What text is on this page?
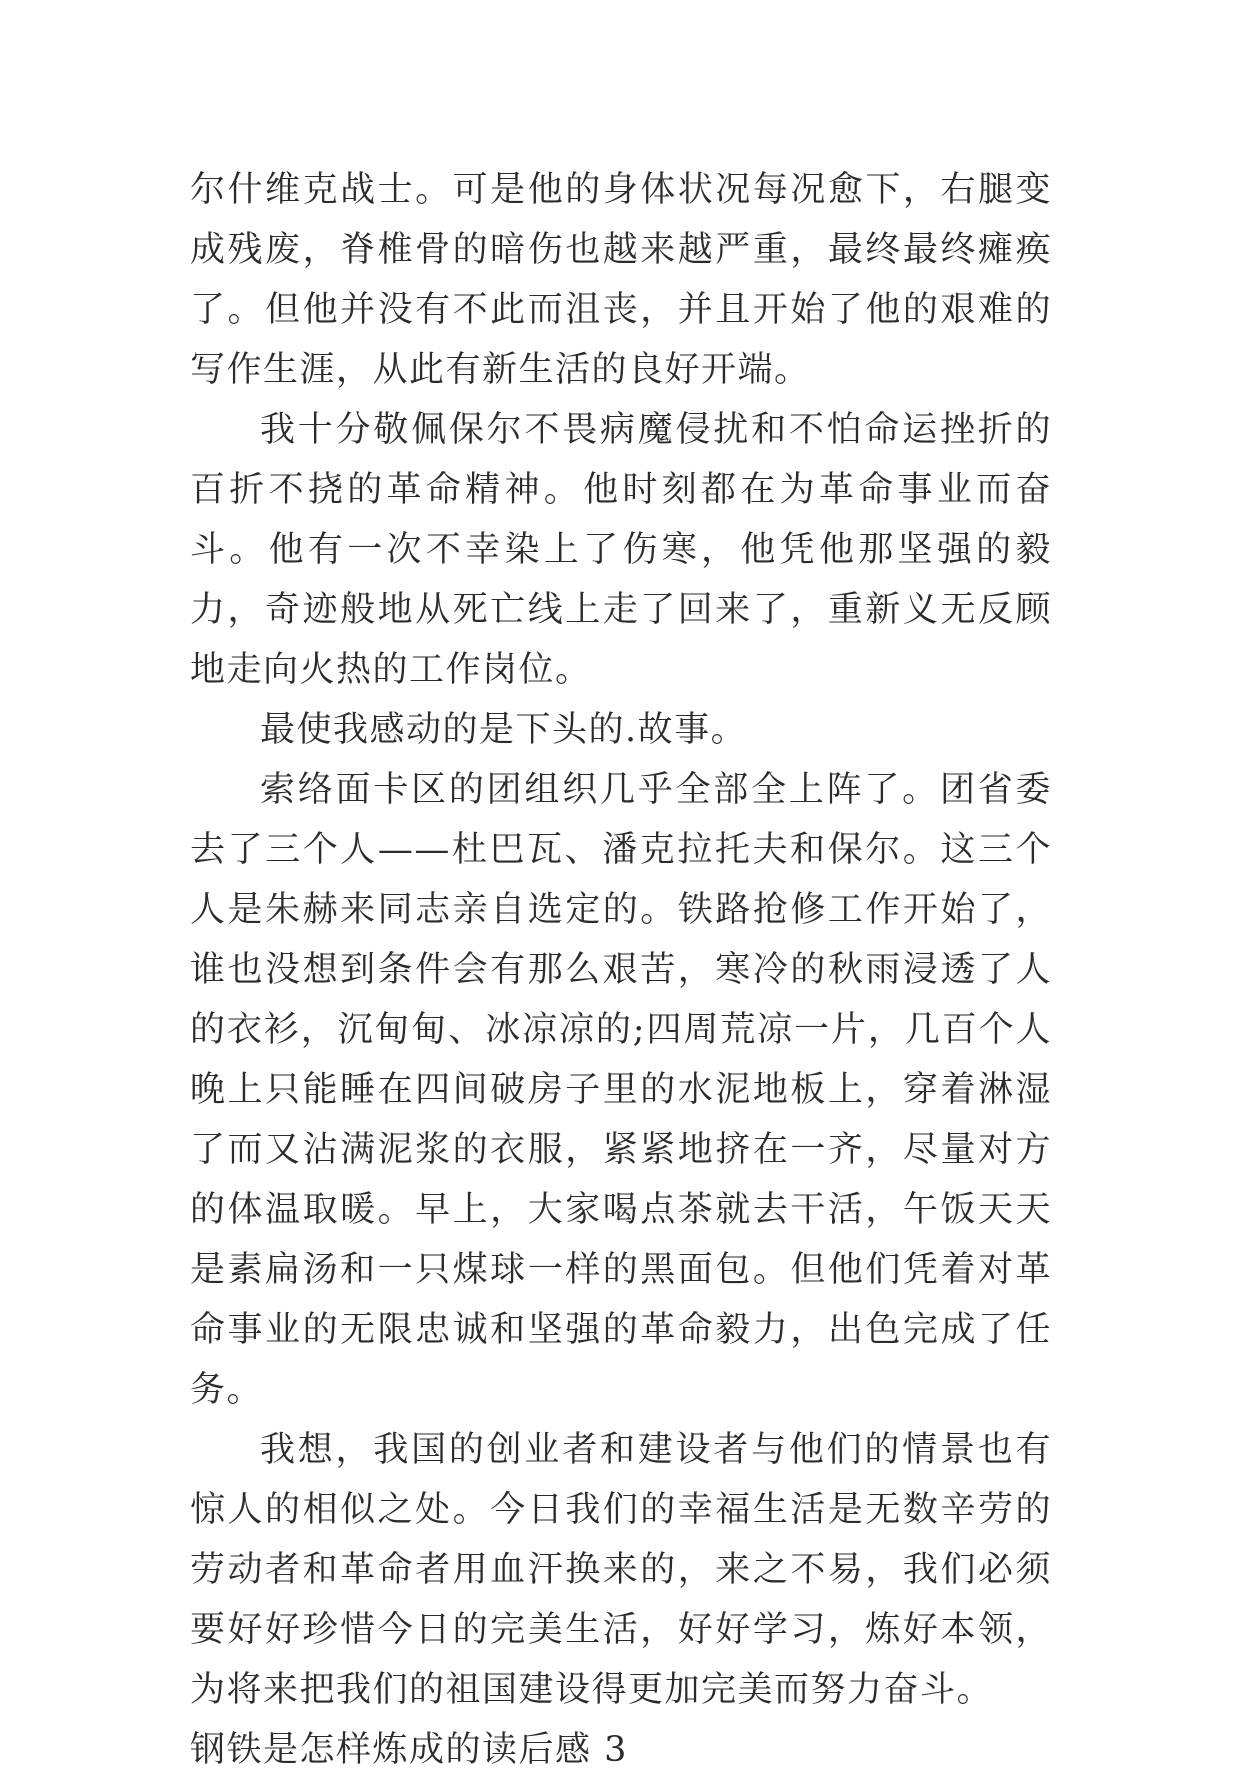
尔什维克战士。可是他的身体状况每况愈下，右腿变成残废，脊椎骨的暗伤也越来越严重，最终最终瘫痪了。但他并没有不此而沮丧，并且开始了他的艰难的写作生涯，从此有新生活的良好开端。

我十分敬佩保尔不畏病魔侵扰和不怕命运挫折的百折不挠的革命精神。他时刻都在为革命事业而奋斗。他有一次不幸染上了伤寒，他凭他那坚强的毅力，奇迹般地从死亡线上走了回来了，重新义无反顾地走向火热的工作岗位。

最使我感动的是下头的.故事。

索络面卡区的团组织几乎全部全上阵了。团省委去了三个人——杜巴瓦、潘克拉托夫和保尔。这三个人是朱赫来同志亲自选定的。铁路抢修工作开始了，谁也没想到条件会有那么艰苦，寒冷的秋雨浸透了人的衣衫，沉甸甸、冰凉凉的;四周荒凉一片，几百个人晚上只能睡在四间破房子里的水泥地板上，穿着淋湿了而又沾满泥浆的衣服，紧紧地挤在一齐，尽量对方的体温取暖。早上，大家喝点茶就去干活，午饭天天是素扁汤和一只煤球一样的黑面包。但他们凭着对革命事业的无限忠诚和坚强的革命毅力，出色完成了任务。

我想，我国的创业者和建设者与他们的情景也有惊人的相似之处。今日我们的幸福生活是无数辛劳的劳动者和革命者用血汗换来的，来之不易，我们必须要好好珍惜今日的完美生活，好好学习，炼好本领，为将来把我们的祖国建设得更加完美而努力奋斗。

钢铁是怎样炼成的读后感 3
